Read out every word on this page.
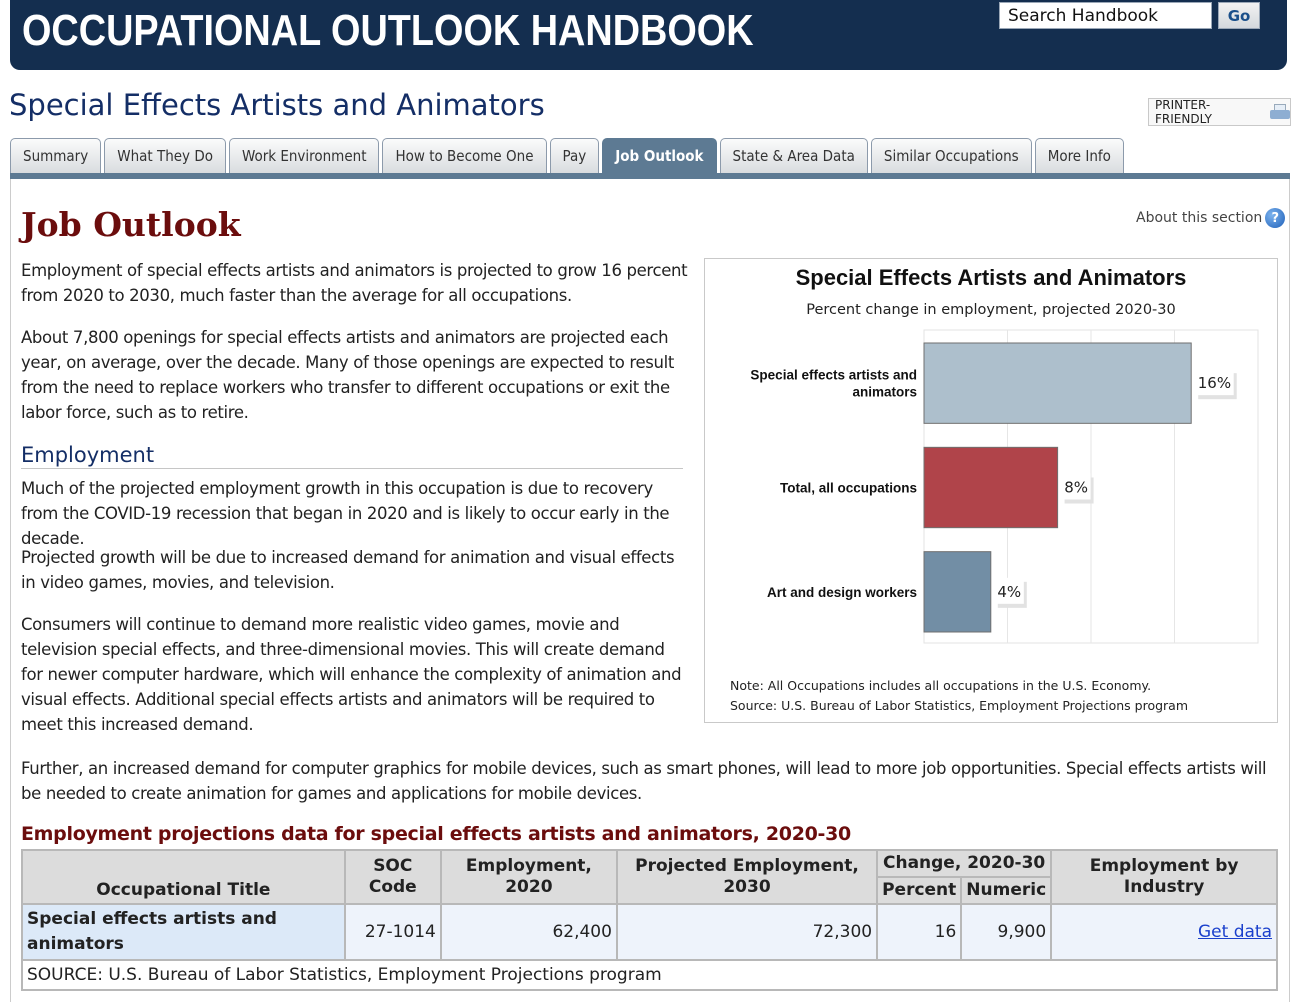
OCCUPATIONAL OUTLOOK HANDBOOK
Search Handbook	Go
Special Effects Artists and Animators	PRINTER-FRIENDLY
Summary	What They Do	Work Environment	How to Become One	Pay	Job Outlook	State & Area Data	Similar Occupations	More Info
Job Outlook	About this section ?

Employment of special effects artists and animators is projected to grow 16 percent from 2020 to 2030, much faster than the average for all occupations.

About 7,800 openings for special effects artists and animators are projected each year, on average, over the decade. Many of those openings are expected to result from the need to replace workers who transfer to different occupations or exit the labor force, such as to retire.

Employment

Much of the projected employment growth in this occupation is due to recovery from the COVID-19 recession that began in 2020 and is likely to occur early in the decade.

Projected growth will be due to increased demand for animation and visual effects in video games, movies, and television.

Consumers will continue to demand more realistic video games, movie and television special effects, and three-dimensional movies. This will create demand for newer computer hardware, which will enhance the complexity of animation and visual effects. Additional special effects artists and animators will be required to meet this increased demand.

Further, an increased demand for computer graphics for mobile devices, such as smart phones, will lead to more job opportunities. Special effects artists will be needed to create animation for games and applications for mobile devices.

Special Effects Artists and Animators
Percent change in employment, projected 2020-30
Special effects artists and animators	16%
Total, all occupations	8%
Art and design workers	4%
Note: All Occupations includes all occupations in the U.S. Economy.
Source: U.S. Bureau of Labor Statistics, Employment Projections program
Employment projections data for special effects artists and animators, 2020-30
Occupational Title	SOC Code	Employment, 2020	Projected Employment, 2030	Change, 2020-30		Employment by Industry
				Percent	Numeric	
Special effects artists and animators	27-1014	62,400	72,300	16	9,900	Get data
SOURCE: U.S. Bureau of Labor Statistics, Employment Projections program						
